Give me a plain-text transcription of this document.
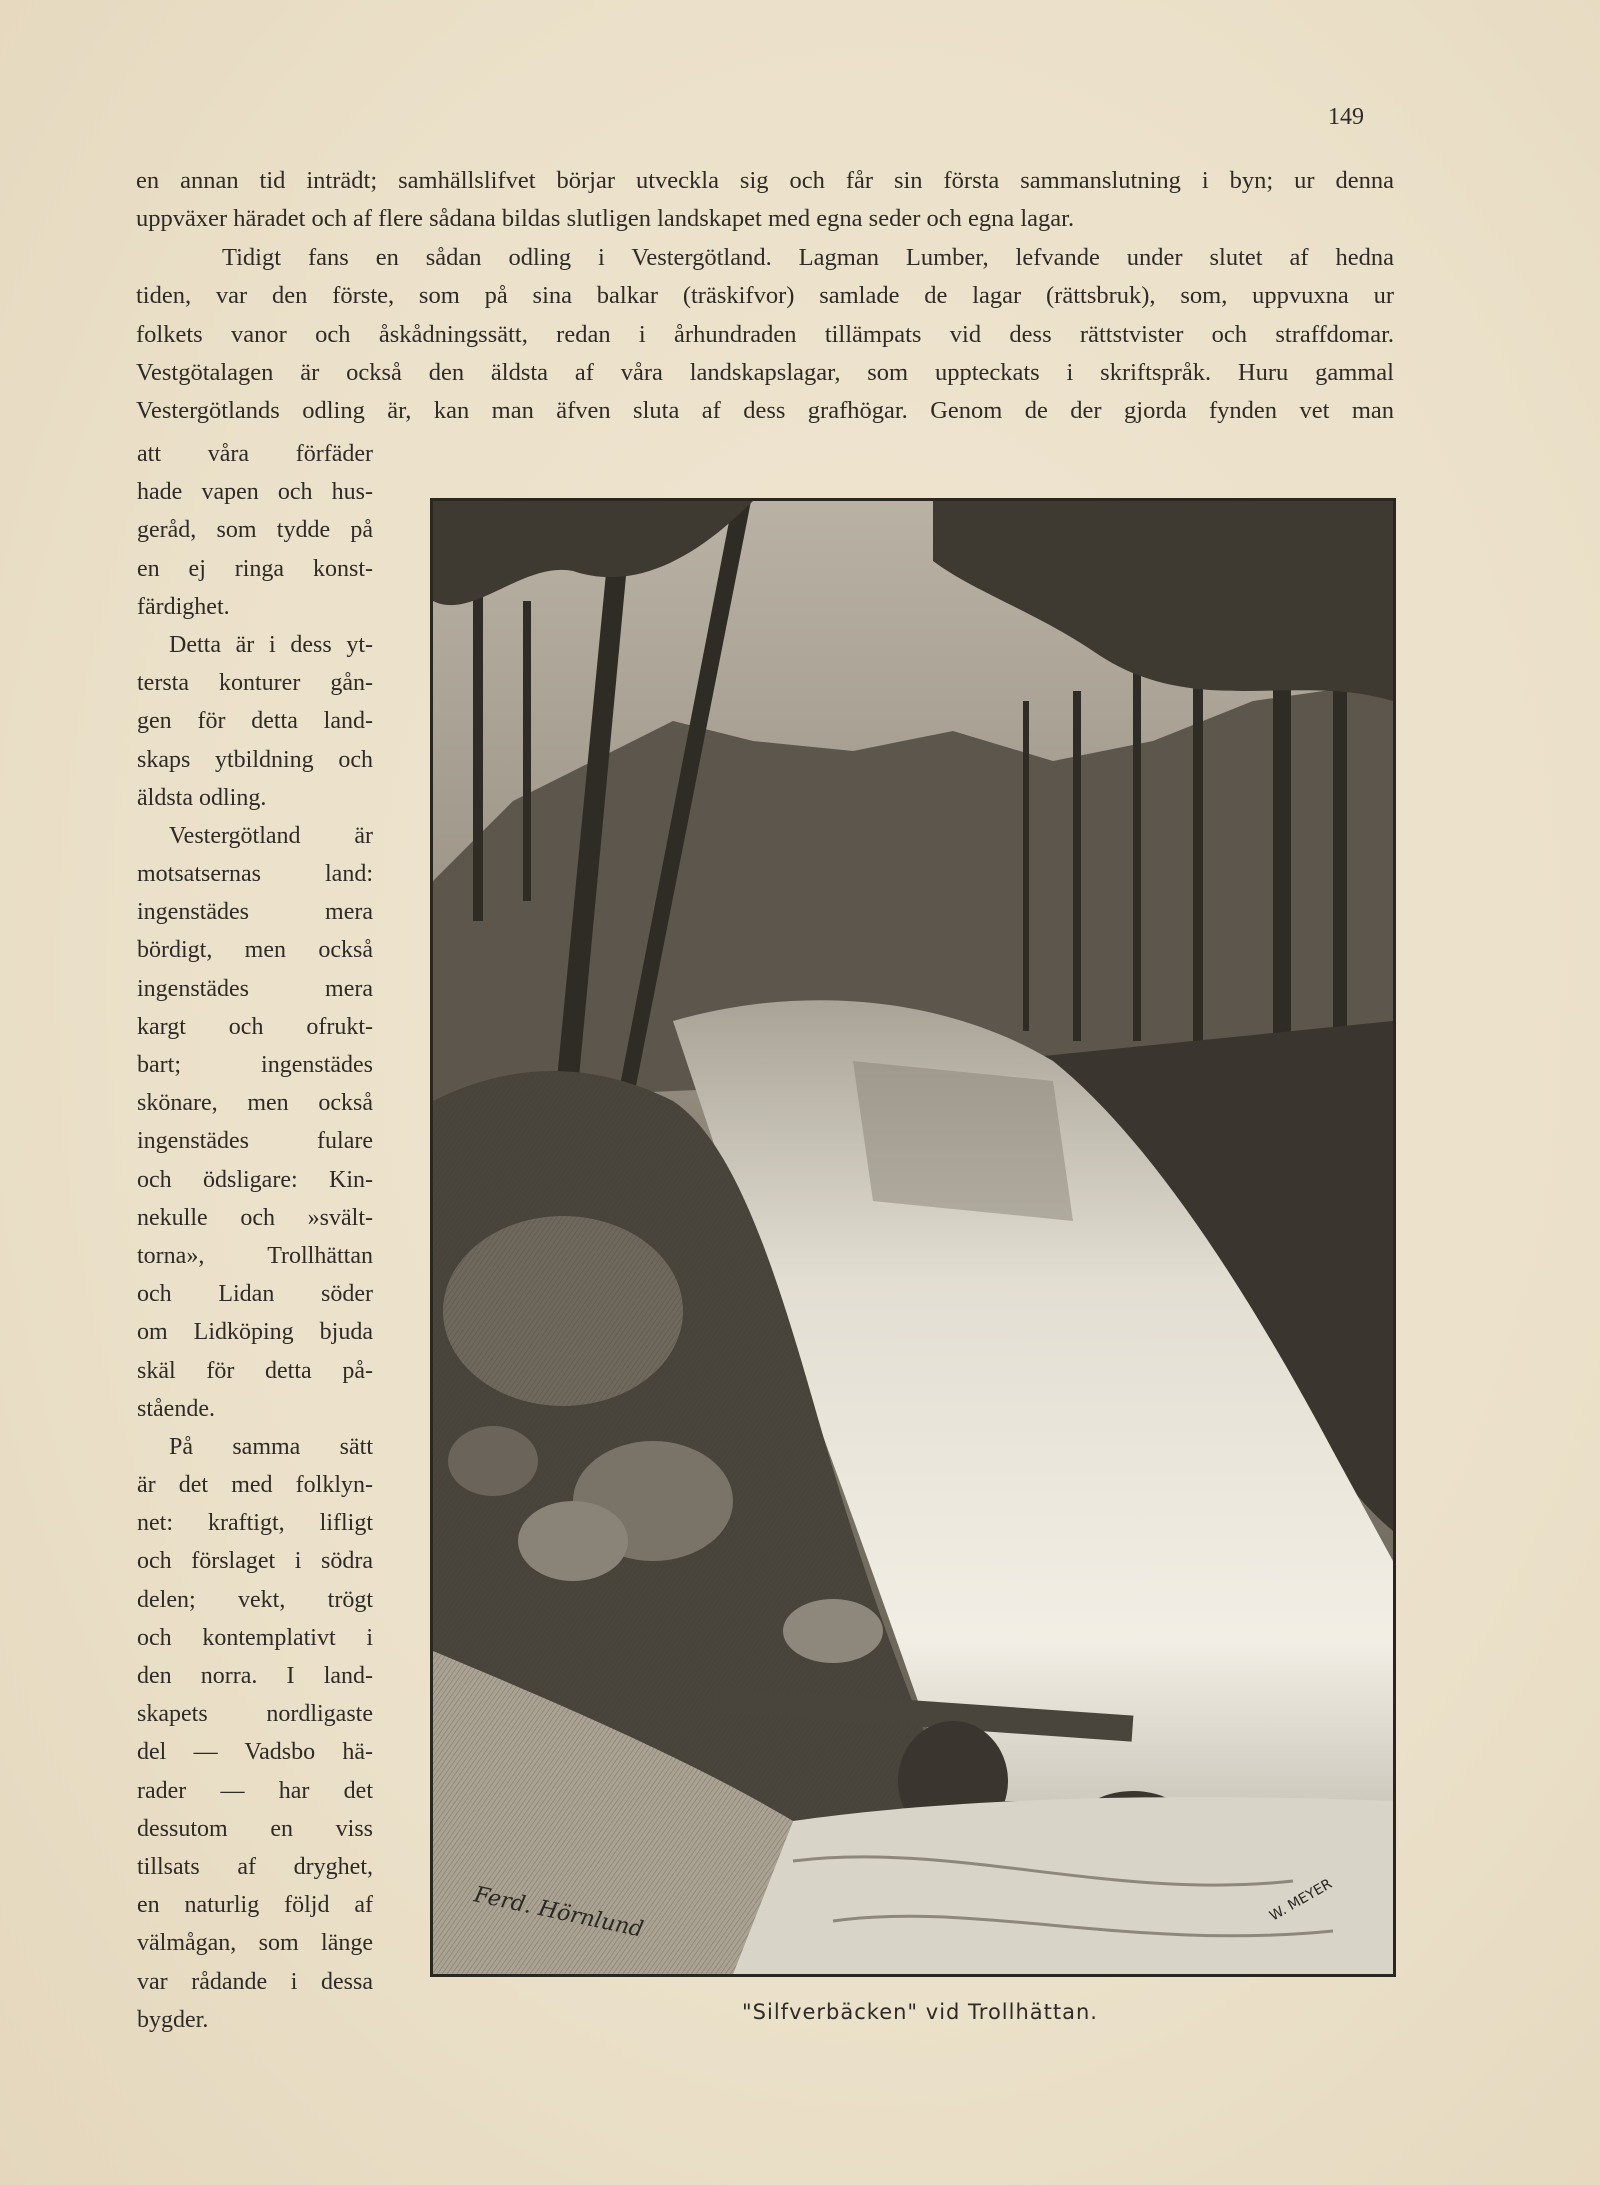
149
en annan tid inträdt; samhällslifvet börjar utveckla sig och får sin första sammanslutning i byn; ur denna
uppväxer häradet och af flere sådana bildas slutligen landskapet med egna seder och egna lagar.
Tidigt fans en sådan odling i Vestergötland. Lagman Lumber, lefvande under slutet af hedna
tiden, var den förste, som på sina balkar (träskifvor) samlade de lagar (rättsbruk), som, uppvuxna ur
folkets vanor och åskådningssätt, redan i århundraden tillämpats vid dess rättstvister och straffdomar.
Vestgötalagen är också den äldsta af våra landskapslagar, som uppteckats i skriftspråk. Huru gammal
Vestergötlands odling är, kan man äfven sluta af dess grafhögar. Genom de der gjorda fynden vet man
att våra förfäder
hade vapen och hus-
geråd, som tydde på
en ej ringa konst-
färdighet.
Detta är i dess yt-
tersta konturer gån-
gen för detta land-
skaps ytbildning och
äldsta odling.
Vestergötland är
motsatsernas land:
ingenstädes mera
bördigt, men också
ingenstädes mera
kargt och ofrukt-
bart; ingenstädes
skönare, men också
ingenstädes fulare
och ödsligare: Kin-
nekulle och »svält-
torna», Trollhättan
och Lidan söder
om Lidköping bjuda
skäl för detta på-
stående.
På samma sätt
är det med folklyn-
net: kraftigt, lifligt
och förslaget i södra
delen; vekt, trögt
och kontemplativt i
den norra. I land-
skapets nordligaste
del — Vadsbo hä-
rader — har det
dessutom en viss
tillsats af dryghet,
en naturlig följd af
välmågan, som länge
var rådande i dessa
bygder.
Ferd. Hörnlund	W. MEYER
"Silfverbäcken" vid Trollhättan.
